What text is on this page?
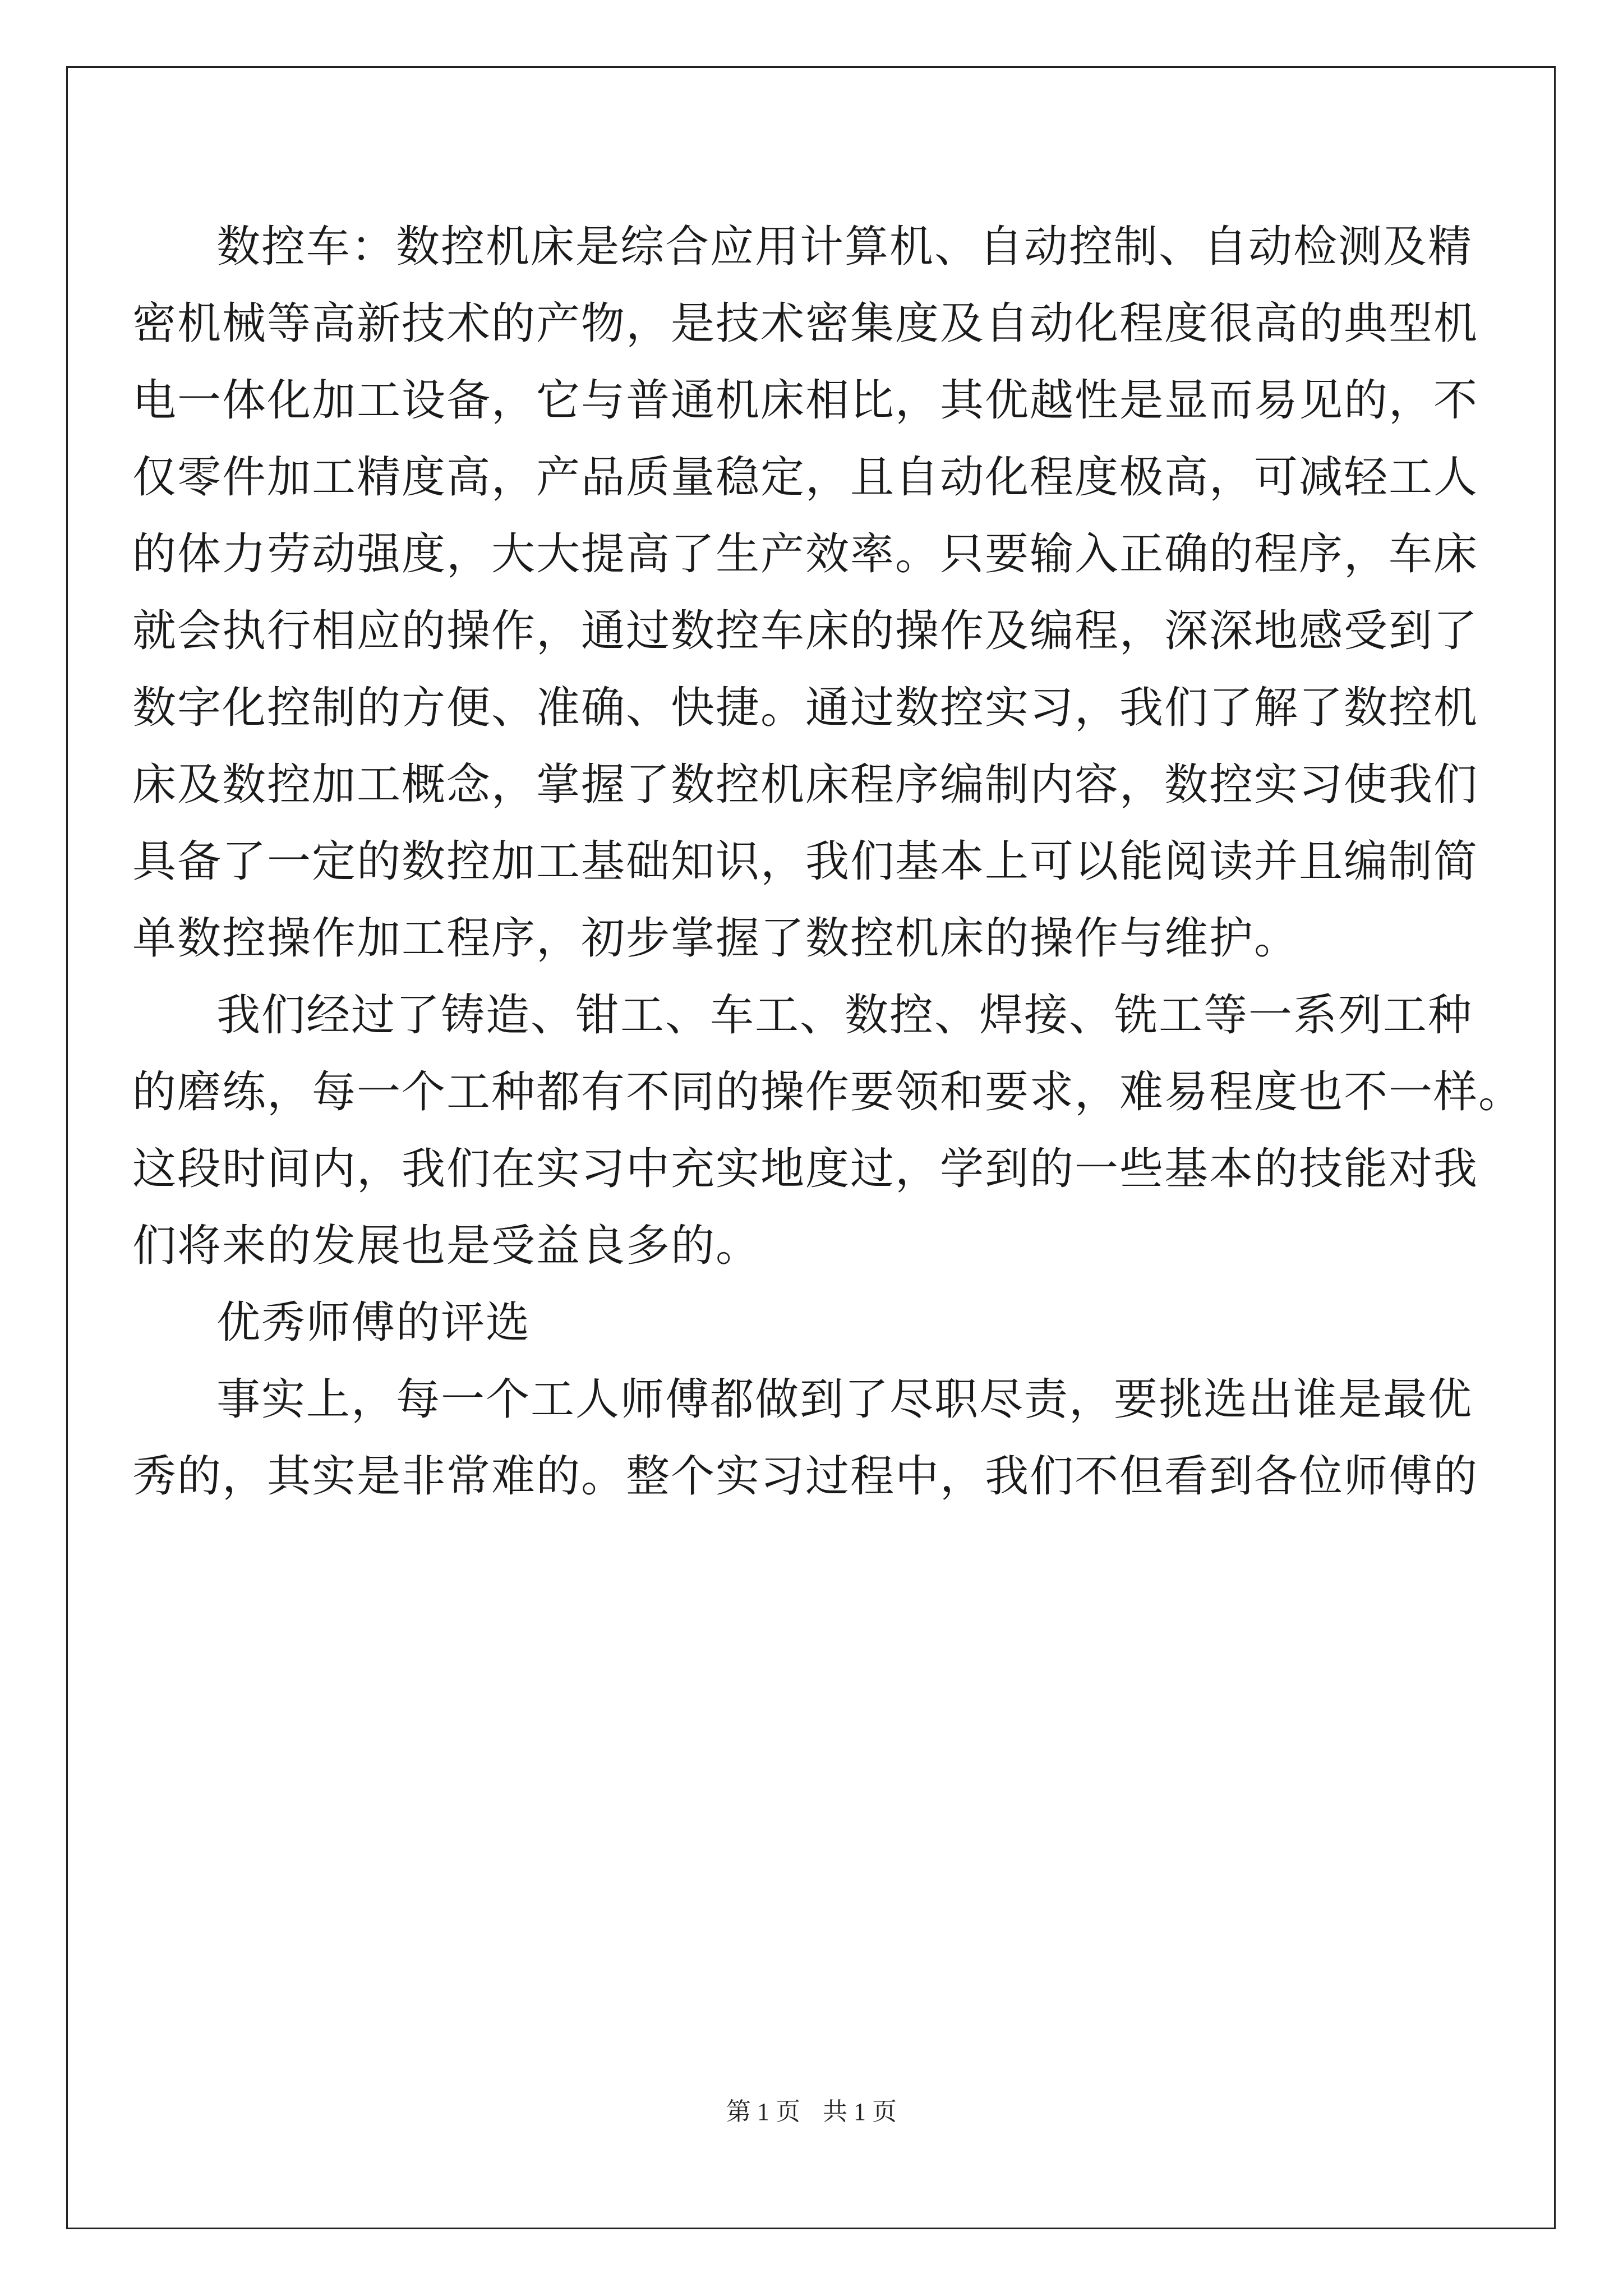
数控车：数控机床是综合应用计算机、自动控制、自动检测及精
密机械等高新技术的产物，是技术密集度及自动化程度很高的典型机
电一体化加工设备，它与普通机床相比，其优越性是显而易见的，不
仅零件加工精度高，产品质量稳定，且自动化程度极高，可减轻工人
的体力劳动强度，大大提高了生产效率。只要输入正确的程序，车床
就会执行相应的操作，通过数控车床的操作及编程，深深地感受到了
数字化控制的方便、准确、快捷。通过数控实习，我们了解了数控机
床及数控加工概念，掌握了数控机床程序编制内容，数控实习使我们
具备了一定的数控加工基础知识，我们基本上可以能阅读并且编制简
单数控操作加工程序，初步掌握了数控机床的操作与维护。
我们经过了铸造、钳工、车工、数控、焊接、铣工等一系列工种
的磨练，每一个工种都有不同的操作要领和要求，难易程度也不一样。
这段时间内，我们在实习中充实地度过，学到的一些基本的技能对我
们将来的发展也是受益良多的。
优秀师傅的评选
事实上，每一个工人师傅都做到了尽职尽责，要挑选出谁是最优
秀的，其实是非常难的。整个实习过程中，我们不但看到各位师傅的
第 1 页 共 1 页
